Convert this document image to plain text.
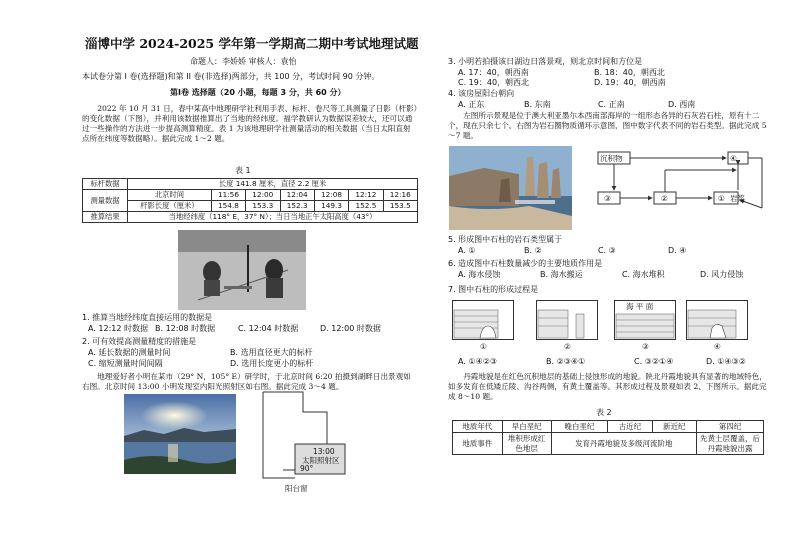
淄博中学 2024-2025 学年第一学期高二期中考试地理试题
命题人：李娇娇 审核人：袁怡
本试卷分第 I 卷(选择题)和第 II 卷(非选择)两部分，共 100 分，考试时间 90 分钟。
第Ⅰ卷 选择题（20 小题，每题 3 分，共 60 分）
2022 年 10 月 31 日，春中某高中地理研学社利用手表、标杆、卷尺等工具测量了日影（杆影）的变化数据（下图），并利用该数据推算出了当地的经纬度。福学教研认为数据误差较大，还可以通过一些操作的方法进一步提高测算精度。表 1 为该地理研学社测量活动的相关数据（当日太阳直射点所在纬度等数据略）。据此完成 1～2 题。
表 1
标杆数据	长度 141.8 厘米，直径 2.2 厘米						
测量数据	北京时间	11:56	12:00	12:04	12:08	12:12	12:16
	杆影长度（厘米）	154.8	153.3	152.3	149.3	152.5	153.5
推算结果	当地经纬度（118° E，37° N）；当日当地正午太阳高度（43°）						
1. 推算当地经纬度直接运用的数据是
A. 12:12 时数据 B. 12:08 时数据	C. 12:04 时数据	D. 12:00 时数据
2. 可有效提高测量精度的措施是
A. 延长数据的测量时间	B. 选用直径更大的标杆
C. 缩短测量时间间隔	D. 选用长度更小的标杆
地理爱好者小明在某市（29° N，105° E）研学时，于北京时间 6:20 拍摄到湖畔日出景观如右图。北京时间 13:00 小明发现室内阳光照射区如右图。据此完成 3～4 题。
13:00
太阳照射区
90°
阳台窗
3. 小明若拍摄该日湖边日落景观，则北京时间和方位是
A. 17：40，朝西南	B. 18：40，朝西北
C. 19：40，朝西北	D. 19：40，朝西南
4. 该房屋阳台朝向
A. 正东	B. 东南	C. 正南	D. 西南
左图所示景观是位于澳大利亚墨尔本西南部海岸的一组形态各异的石灰岩石柱，原有十二个，现在只余七个。右图为岩石圈物质循环示意图，图中数字代表不同的岩石类型。据此完成 5～7 题。
沉积物	④
③	②	① 岩浆
5. 形成图中石柱的岩石类型属于
A. ①	B. ②	C. ③	D. ④
6. 造成图中石柱数量减少的主要地质作用是
A. 海水侵蚀	B. 海水搬运	C. 海水堆积	D. 风力侵蚀
7. 图中石柱的形成过程是
海 平 面
①	②	③	④
A. ①④②③	B. ②③④①	C. ③②①④	D. ①④③②
丹霞地貌是在红色沉积地层的基础上侵蚀形成的地貌。陕北丹霞地貌具有显著的地域特色，如多发育在低矮丘陵、沟谷两侧，有黄土覆盖等。其形成过程及景观如表 2、下图所示。据此完成 8～10 题。
表 2
地质年代	早白垩纪	晚白垩纪	古近纪	新近纪	第四纪
地质事件	堆积形成红色地层	发育丹霞地貌及多级河流阶地			先黄土层覆盖，后丹霞地貌出露
